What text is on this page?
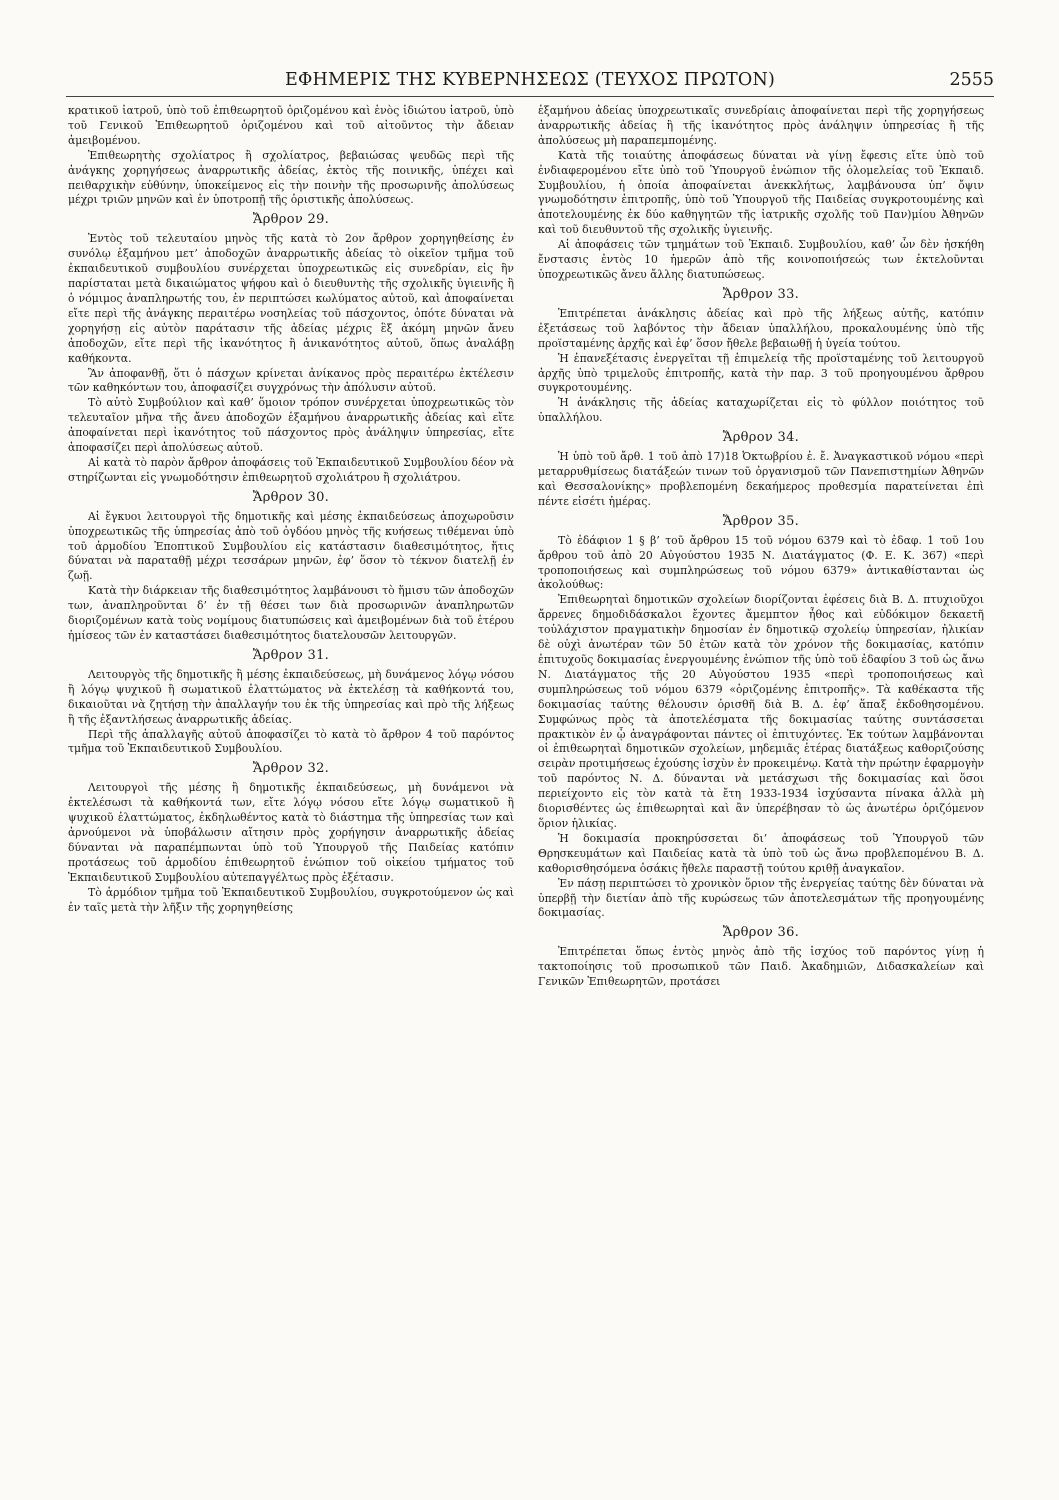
ΕΦΗΜΕΡΙΣ ΤΗΣ ΚΥΒΕΡΝΗΣΕΩΣ (ΤΕΥΧΟΣ ΠΡΩΤΟΝ)	2555

κρατικοῦ ἰατροῦ, ὑπὸ τοῦ ἐπιθεωρητοῦ ὁριζομένου καὶ ἑνὸς ἰδιώτου ἰατροῦ, ὑπὸ τοῦ Γενικοῦ Ἐπιθεωρητοῦ ὁριζομένου καὶ τοῦ αἰτοῦντος τὴν ἄδειαν ἀμειβομένου.

Ἐπιθεωρητὴς σχολίατρος ἢ σχολίατρος, βεβαιώσας ψευδῶς περὶ τῆς ἀνάγκης χορηγήσεως ἀναρρωτικῆς ἀδείας, ἐκτὸς τῆς ποινικῆς, ὑπέχει καὶ πειθαρχικὴν εὐθύνην, ὑποκείμενος εἰς τὴν ποινὴν τῆς προσωρινῆς ἀπολύσεως μέχρι τριῶν μηνῶν καὶ ἐν ὑποτροπῇ τῆς ὁριστικῆς ἀπολύσεως.

Ἄρθρον 29.

Ἐντὸς τοῦ τελευταίου μηνὸς τῆς κατὰ τὸ 2ον ἄρθρον χορηγηθείσης ἐν συνόλῳ ἑξαμήνου μετ’ ἀποδοχῶν ἀναρρωτικῆς ἀδείας τὸ οἰκεῖον τμῆμα τοῦ ἐκπαιδευτικοῦ συμβουλίου συνέρχεται ὑποχρεωτικῶς εἰς συνεδρίαν, εἰς ἣν παρίσταται μετὰ δικαιώματος ψήφου καὶ ὁ διευθυντὴς τῆς σχολικῆς ὑγιεινῆς ἢ ὁ νόμιμος ἀναπληρωτής του, ἐν περιπτώσει κωλύματος αὐτοῦ, καὶ ἀποφαίνεται εἴτε περὶ τῆς ἀνάγκης περαιτέρω νοσηλείας τοῦ πάσχοντος, ὁπότε δύναται νὰ χορηγήσῃ εἰς αὐτὸν παράτασιν τῆς ἀδείας μέχρις ἓξ ἀκόμη μηνῶν ἄνευ ἀποδοχῶν, εἴτε περὶ τῆς ἱκανότητος ἢ ἀνικανότητος αὐτοῦ, ὅπως ἀναλάβῃ καθήκοντα.

Ἂν ἀποφανθῇ, ὅτι ὁ πάσχων κρίνεται ἀνίκανος πρὸς περαιτέρω ἐκτέλεσιν τῶν καθηκόντων του, ἀποφασίζει συγχρόνως τὴν ἀπόλυσιν αὐτοῦ.

Τὸ αὐτὸ Συμβούλιον καὶ καθ’ ὅμοιον τρόπον συνέρχεται ὑποχρεωτικῶς τὸν τελευταῖον μῆνα τῆς ἄνευ ἀποδοχῶν ἑξαμήνου ἀναρρωτικῆς ἀδείας καὶ εἴτε ἀποφαίνεται περὶ ἱκανότητος τοῦ πάσχοντος πρὸς ἀνάληψιν ὑπηρεσίας, εἴτε ἀποφασίζει περὶ ἀπολύσεως αὐτοῦ.

Αἱ κατὰ τὸ παρὸν ἄρθρον ἀποφάσεις τοῦ Ἐκπαιδευτικοῦ Συμβουλίου δέον νὰ στηρίζωνται εἰς γνωμοδότησιν ἐπιθεωρητοῦ σχολιάτρου ἢ σχολιάτρου.

Ἄρθρον 30.

Αἱ ἔγκυοι λειτουργοὶ τῆς δημοτικῆς καὶ μέσης ἐκπαιδεύσεως ἀποχωροῦσιν ὑποχρεωτικῶς τῆς ὑπηρεσίας ἀπὸ τοῦ ὀγδόου μηνὸς τῆς κυήσεως τιθέμεναι ὑπὸ τοῦ ἁρμοδίου Ἐποπτικοῦ Συμβουλίου εἰς κατάστασιν διαθεσιμότητος, ἥτις δύναται νὰ παραταθῇ μέχρι τεσσάρων μηνῶν, ἐφ’ ὅσον τὸ τέκνον διατελῇ ἐν ζωῇ.

Κατὰ τὴν διάρκειαν τῆς διαθεσιμότητος λαμβάνουσι τὸ ἥμισυ τῶν ἀποδοχῶν των, ἀναπληροῦνται δ’ ἐν τῇ θέσει των διὰ προσωρινῶν ἀναπληρωτῶν διοριζομένων κατὰ τοὺς νομίμους διατυπώσεις καὶ ἀμειβομένων διὰ τοῦ ἑτέρου ἡμίσεος τῶν ἐν καταστάσει διαθεσιμότητος διατελουσῶν λειτουργῶν.

Ἄρθρον 31.

Λειτουργὸς τῆς δημοτικῆς ἢ μέσης ἐκπαιδεύσεως, μὴ δυνάμενος λόγῳ νόσου ἢ λόγῳ ψυχικοῦ ἢ σωματικοῦ ἐλαττώματος νὰ ἐκτελέσῃ τὰ καθήκοντά του, δικαιοῦται νὰ ζητήσῃ τὴν ἀπαλλαγήν του ἐκ τῆς ὑπηρεσίας καὶ πρὸ τῆς λήξεως ἢ τῆς ἐξαντλήσεως ἀναρρωτικῆς ἀδείας.

Περὶ τῆς ἀπαλλαγῆς αὐτοῦ ἀποφασίζει τὸ κατὰ τὸ ἄρθρον 4 τοῦ παρόντος τμῆμα τοῦ Ἐκπαιδευτικοῦ Συμβουλίου.

Ἄρθρον 32.

Λειτουργοὶ τῆς μέσης ἢ δημοτικῆς ἐκπαιδεύσεως, μὴ δυνάμενοι νὰ ἐκτελέσωσι τὰ καθήκοντά των, εἴτε λόγῳ νόσου εἴτε λόγῳ σωματικοῦ ἢ ψυχικοῦ ἐλαττώματος, ἐκδηλωθέντος κατὰ τὸ διάστημα τῆς ὑπηρεσίας των καὶ ἀρνούμενοι νὰ ὑποβάλωσιν αἴτησιν πρὸς χορήγησιν ἀναρρωτικῆς ἀδείας δύνανται νὰ παραπέμπωνται ὑπὸ τοῦ Ὑπουργοῦ τῆς Παιδείας κατόπιν προτάσεως τοῦ ἁρμοδίου ἐπιθεωρητοῦ ἐνώπιον τοῦ οἰκείου τμήματος τοῦ Ἐκπαιδευτικοῦ Συμβουλίου αὐτεπαγγέλτως πρὸς ἐξέτασιν.

Τὸ ἁρμόδιον τμῆμα τοῦ Ἐκπαιδευτικοῦ Συμβουλίου, συγκροτούμενον ὡς καὶ ἐν ταῖς μετὰ τὴν λῆξιν τῆς χορηγηθείσης

ἑξαμήνου ἀδείας ὑποχρεωτικαῖς συνεδρίαις ἀποφαίνεται περὶ τῆς χορηγήσεως ἀναρρωτικῆς ἀδείας ἢ τῆς ἱκανότητος πρὸς ἀνάληψιν ὑπηρεσίας ἢ τῆς ἀπολύσεως μὴ παραπεμπομένης.

Κατὰ τῆς τοιαύτης ἀποφάσεως δύναται νὰ γίνῃ ἔφεσις εἴτε ὑπὸ τοῦ ἐνδιαφερομένου εἴτε ὑπὸ τοῦ Ὑπουργοῦ ἐνώπιον τῆς ὁλομελείας τοῦ Ἐκπαιδ. Συμβουλίου, ἡ ὁποία ἀποφαίνεται ἀνεκκλήτως, λαμβάνουσα ὑπ’ ὄψιν γνωμοδότησιν ἐπιτροπῆς, ὑπὸ τοῦ Ὑπουργοῦ τῆς Παιδείας συγκροτουμένης καὶ ἀποτελουμένης ἐκ δύο καθηγητῶν τῆς ἰατρικῆς σχολῆς τοῦ Παν)μίου Ἀθηνῶν καὶ τοῦ διευθυντοῦ τῆς σχολικῆς ὑγιεινῆς.

Αἱ ἀποφάσεις τῶν τμημάτων τοῦ Ἐκπαιδ. Συμβουλίου, καθ’ ὧν δὲν ἠσκήθη ἔνστασις ἐντὸς 10 ἡμερῶν ἀπὸ τῆς κοινοποιήσεώς των ἐκτελοῦνται ὑποχρεωτικῶς ἄνευ ἄλλης διατυπώσεως.

Ἄρθρον 33.

Ἐπιτρέπεται ἀνάκλησις ἀδείας καὶ πρὸ τῆς λήξεως αὐτῆς, κατόπιν ἐξετάσεως τοῦ λαβόντος τὴν ἄδειαν ὑπαλλήλου, προκαλουμένης ὑπὸ τῆς προϊσταμένης ἀρχῆς καὶ ἐφ’ ὅσον ἤθελε βεβαιωθῇ ἡ ὑγεία τούτου.

Ἡ ἐπανεξέτασις ἐνεργεῖται τῇ ἐπιμελείᾳ τῆς προϊσταμένης τοῦ λειτουργοῦ ἀρχῆς ὑπὸ τριμελοῦς ἐπιτροπῆς, κατὰ τὴν παρ. 3 τοῦ προηγουμένου ἄρθρου συγκροτουμένης.

Ἡ ἀνάκλησις τῆς ἀδείας καταχωρίζεται εἰς τὸ φύλλον ποιότητος τοῦ ὑπαλλήλου.

Ἄρθρον 34.

Ἡ ὑπὸ τοῦ ἄρθ. 1 τοῦ ἀπὸ 17)18 Ὀκτωβρίου ἐ. ἔ. Ἀναγκαστικοῦ νόμου «περὶ μεταρρυθμίσεως διατάξεών τινων τοῦ ὀργανισμοῦ τῶν Πανεπιστημίων Ἀθηνῶν καὶ Θεσσαλονίκης» προβλεπομένη δεκαήμερος προθεσμία παρατείνεται ἐπὶ πέντε εἰσέτι ἡμέρας.

Ἄρθρον 35.

Τὸ ἐδάφιον 1 § β’ τοῦ ἄρθρου 15 τοῦ νόμου 6379 καὶ τὸ ἐδαφ. 1 τοῦ 1ου ἄρθρου τοῦ ἀπὸ 20 Αὐγούστου 1935 Ν. Διατάγματος (Φ. Ε. Κ. 367) «περὶ τροποποιήσεως καὶ συμπληρώσεως τοῦ νόμου 6379» ἀντικαθίστανται ὡς ἀκολούθως:

Ἐπιθεωρηταὶ δημοτικῶν σχολείων διορίζονται ἐφέσεις διὰ Β. Δ. πτυχιοῦχοι ἄρρενες δημοδιδάσκαλοι ἔχοντες ἄμεμπτον ἦθος καὶ εὐδόκιμον δεκαετῆ τοὐλάχιστον πραγματικὴν δημοσίαν ἐν δημοτικῷ σχολείῳ ὑπηρεσίαν, ἡλικίαν δὲ οὐχὶ ἀνωτέραν τῶν 50 ἐτῶν κατὰ τὸν χρόνον τῆς δοκιμασίας, κατόπιν ἐπιτυχοῦς δοκιμασίας ἐνεργουμένης ἐνώπιον τῆς ὑπὸ τοῦ ἐδαφίου 3 τοῦ ὡς ἄνω Ν. Διατάγματος τῆς 20 Αὐγούστου 1935 «περὶ τροποποιήσεως καὶ συμπληρώσεως τοῦ νόμου 6379 «ὁριζομένης ἐπιτροπῆς». Τὰ καθέκαστα τῆς δοκιμασίας ταύτης θέλουσιν ὁρισθῆ διὰ Β. Δ. ἐφ’ ἅπαξ ἐκδοθησομένου. Συμφώνως πρὸς τὰ ἀποτελέσματα τῆς δοκιμασίας ταύτης συντάσσεται πρακτικὸν ἐν ᾧ ἀναγράφονται πάντες οἱ ἐπιτυχόντες. Ἐκ τούτων λαμβάνονται οἱ ἐπιθεωρηταὶ δημοτικῶν σχολείων, μηδεμιᾶς ἑτέρας διατάξεως καθοριζούσης σειρὰν προτιμήσεως ἐχούσης ἰσχὺν ἐν προκειμένῳ. Κατὰ τὴν πρώτην ἐφαρμογὴν τοῦ παρόντος Ν. Δ. δύνανται νὰ μετάσχωσι τῆς δοκιμασίας καὶ ὅσοι περιείχοντο εἰς τὸν κατὰ τὰ ἔτη 1933-1934 ἰσχύσαντα πίνακα ἀλλὰ μὴ διορισθέντες ὡς ἐπιθεωρηταὶ καὶ ἂν ὑπερέβησαν τὸ ὡς ἀνωτέρω ὁριζόμενον ὅριον ἡλικίας.

Ἡ δοκιμασία προκηρύσσεται δι’ ἀποφάσεως τοῦ Ὑπουργοῦ τῶν Θρησκευμάτων καὶ Παιδείας κατὰ τὰ ὑπὸ τοῦ ὡς ἄνω προβλεπομένου Β. Δ. καθορισθησόμενα ὁσάκις ἤθελε παραστῇ τούτου κριθῇ ἀναγκαῖον.

Ἐν πάσῃ περιπτώσει τὸ χρονικὸν ὅριον τῆς ἐνεργείας ταύτης δὲν δύναται νὰ ὑπερβῇ τὴν διετίαν ἀπὸ τῆς κυρώσεως τῶν ἀποτελεσμάτων τῆς προηγουμένης δοκιμασίας.

Ἄρθρον 36.

Ἐπιτρέπεται ὅπως ἐντὸς μηνὸς ἀπὸ τῆς ἰσχύος τοῦ παρόντος γίνῃ ἡ τακτοποίησις τοῦ προσωπικοῦ τῶν Παιδ. Ἀκαδημιῶν, Διδασκαλείων καὶ Γενικῶν Ἐπιθεωρητῶν, προτάσει
